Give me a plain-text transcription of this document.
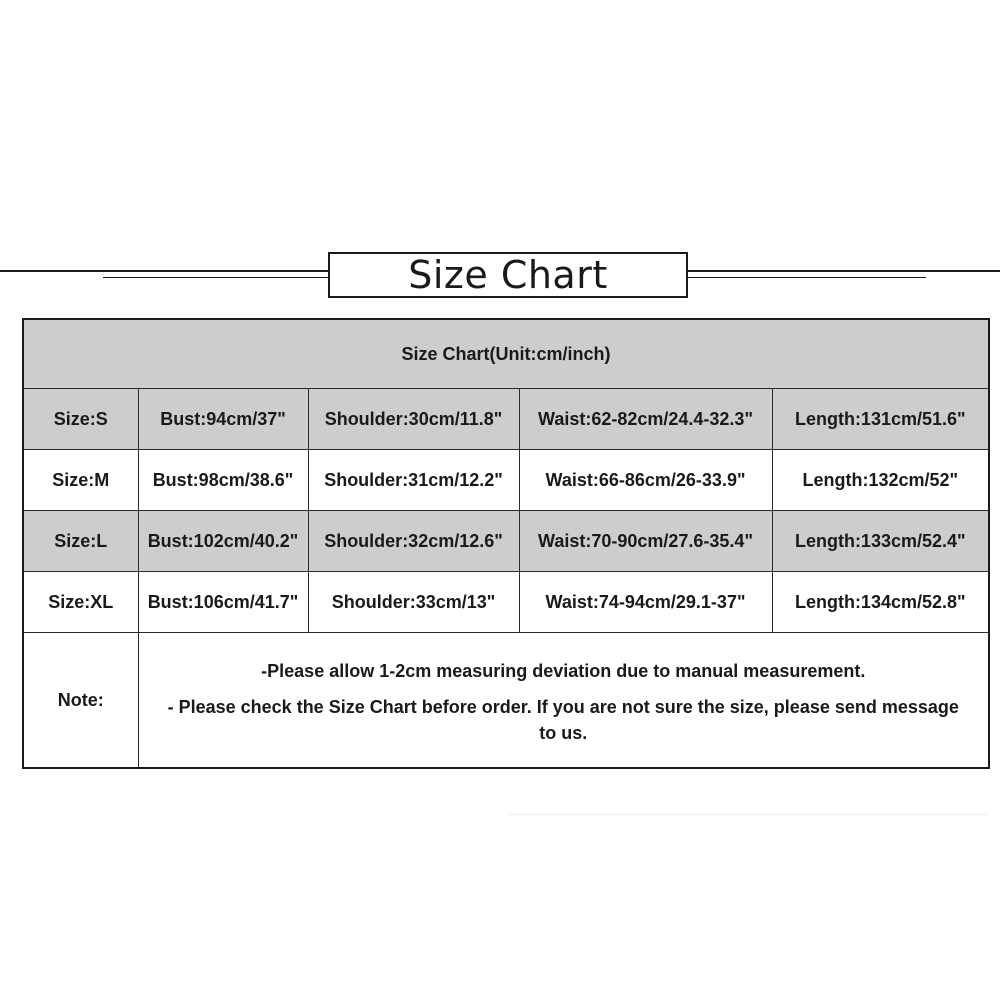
Size Chart
Size Chart(Unit:cm/inch)				
Size:S	Bust:94cm/37"	Shoulder:30cm/11.8"	Waist:62-82cm/24.4-32.3"	Length:131cm/51.6"
Size:M	Bust:98cm/38.6"	Shoulder:31cm/12.2"	Waist:66-86cm/26-33.9"	Length:132cm/52"
Size:L	Bust:102cm/40.2"	Shoulder:32cm/12.6"	Waist:70-90cm/27.6-35.4"	Length:133cm/52.4"
Size:XL	Bust:106cm/41.7"	Shoulder:33cm/13"	Waist:74-94cm/29.1-37"	Length:134cm/52.8"
Note:	-Please allow 1-2cm measuring deviation due to manual measurement.
- Please check the Size Chart before order. If you are not sure the size, please send message to us.			
